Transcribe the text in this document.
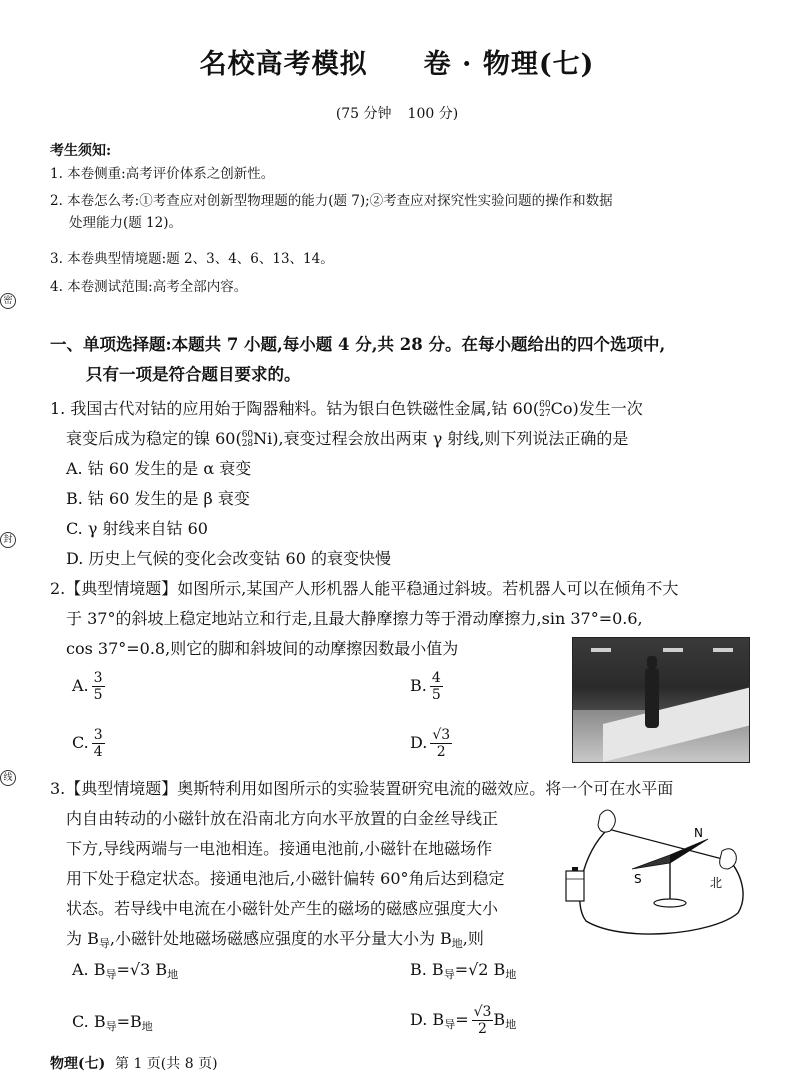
密
封
线
名校高考模拟 卷 · 物理(七)
(75 分钟 100 分)
考生须知:
1. 本卷侧重:高考评价体系之创新性。
2. 本卷怎么考:①考查应对创新型物理题的能力(题 7);②考查应对探究性实验问题的操作和数据
处理能力(题 12)。
3. 本卷典型情境题:题 2、3、4、6、13、14。
4. 本卷测试范围:高考全部内容。
一、单项选择题:本题共 7 小题,每小题 4 分,共 28 分。在每小题给出的四个选项中,
只有一项是符合题目要求的。
1. 我国古代对钴的应用始于陶器釉料。钴为银白色铁磁性金属,钴 60( 60
27 Co)发生一次
衰变后成为稳定的镍 60( 60
28 Ni),衰变过程会放出两束 γ 射线,则下列说法正确的是
A. 钴 60 发生的是 α 衰变
B. 钴 60 发生的是 β 衰变
C. γ 射线来自钴 60
D. 历史上气候的变化会改变钴 60 的衰变快慢
2.【典型情境题】如图所示,某国产人形机器人能平稳通过斜坡。若机器人可以在倾角不大
于 37°的斜坡上稳定地站立和行走,且最大静摩擦力等于滑动摩擦力,sin 37°=0.6,
cos 37°=0.8,则它的脚和斜坡间的动摩擦因数最小值为
A. $\frac{3}{5}$	B. $\frac{4}{5}$
C. $\frac{3}{4}$	D. $\frac{√3}{2}$
3.【典型情境题】奥斯特利用如图所示的实验装置研究电流的磁效应。将一个可在水平面
内自由转动的小磁针放在沿南北方向水平放置的白金丝导线正
下方,导线两端与一电池相连。接通电池前,小磁针在地磁场作
用下处于稳定状态。接通电池后,小磁针偏转 60°角后达到稳定
状态。若导线中电流在小磁针处产生的磁场的磁感应强度大小
为 $B_导$,小磁针处地磁场磁感应强度的水平分量大小为 $B_地$,则
A. $B_导=√3$ $B_地$	B. $B_导=√2$ $B_地$
C. $B_导=B_地$	D. $B_导= \frac{√3}{2} B_地$
N
S	北
物理(七) 第 1 页(共 8 页)
